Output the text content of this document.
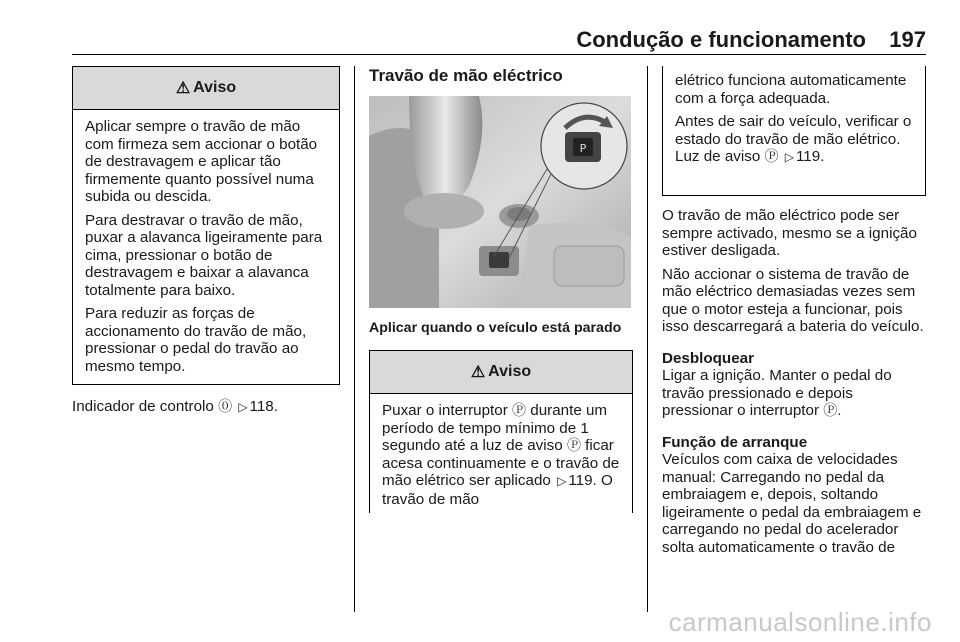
Condução e funcionamento 197
⚠ Aviso

Aplicar sempre o travão de mão com firmeza sem accionar o botão de destravagem e aplicar tão firmemente quanto possível numa subida ou descida.

Para destravar o travão de mão, puxar a alavanca ligeiramente para cima, pressionar o botão de destravagem e baixar a alavanca totalmente para baixo.

Para reduzir as forças de accionamento do travão de mão, pressionar o pedal do travão ao mesmo tempo.

Indicador de controlo ⓪ ▷ 118.
Travão de mão eléctrico
P
Aplicar quando o veículo está parado
⚠ Aviso

Puxar o interruptor Ⓟ durante um período de tempo mínimo de 1 segundo até a luz de aviso Ⓟ ficar acesa continuamente e o travão de mão elétrico ser aplicado ▷ 119. O travão de mão

elétrico funciona automaticamente com a força adequada.

Antes de sair do veículo, verificar o estado do travão de mão elétrico. Luz de aviso Ⓟ ▷ 119.

O travão de mão eléctrico pode ser sempre activado, mesmo se a ignição estiver desligada.

Não accionar o sistema de travão de mão eléctrico demasiadas vezes sem que o motor esteja a funcionar, pois isso descarregará a bateria do veículo.

Desbloquear

Ligar a ignição. Manter o pedal do travão pressionado e depois pressionar o interruptor Ⓟ.

Função de arranque

Veículos com caixa de velocidades manual: Carregando no pedal da embraiagem e, depois, soltando ligeiramente o pedal da embraiagem e carregando no pedal do acelerador solta automaticamente o travão de

carmanualsonline.info
